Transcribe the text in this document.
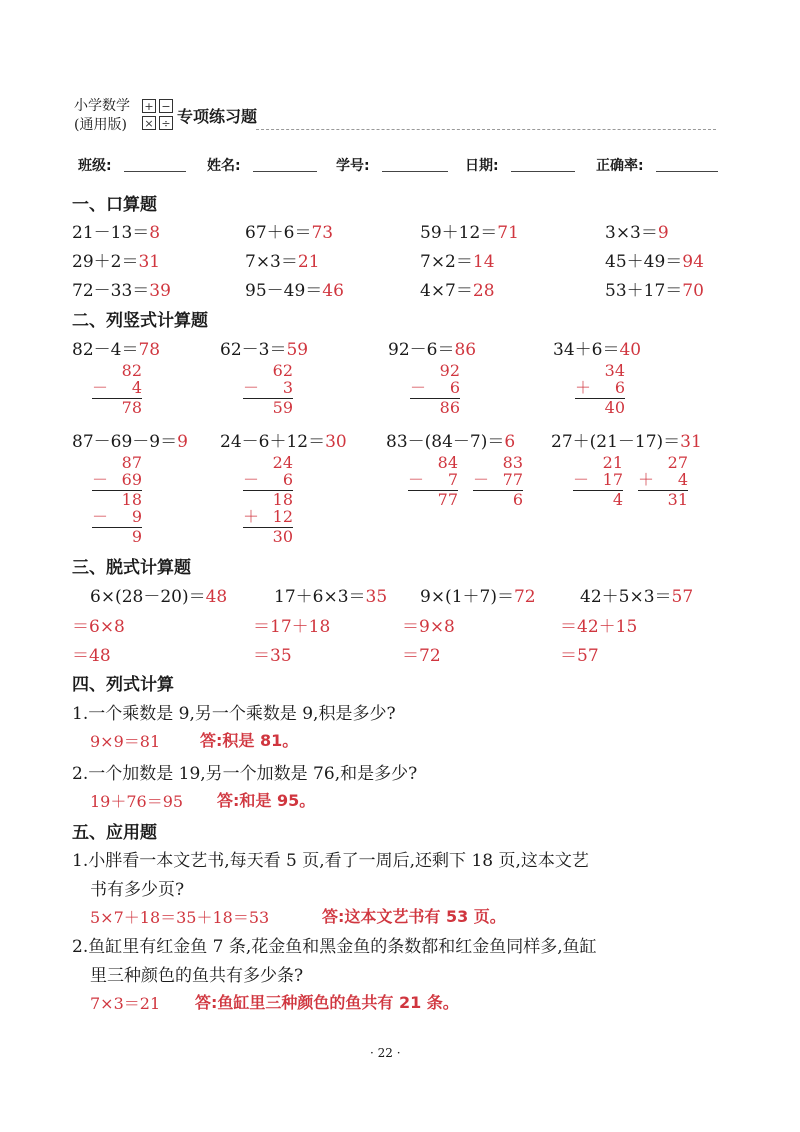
小学数学
(通用版)
+ −
× ÷ 专项练习题
班级:	姓名:	学号:	日期:	正确率:
一、口算题
21－13＝8	67＋6＝73	59＋12＝71	3×3＝9
29＋2＝31	7×3＝21	7×2＝14	45＋49＝94
72－33＝39	95－49＝46	4×7＝28	53＋17＝70
二、列竖式计算题
82－4＝78	62－3＝59	92－6＝86	34＋6＝40
82
－ 4
78
62
－ 3
59
92
－ 6
86
34
＋ 6
40
87－69－9＝9 24－6＋12＝30 83－(84－7)＝6 27＋(21－17)＝31
87
－ 69
18
－ 9
9
24
－ 6
18
＋ 12
30
84
－ 7
77
83
－ 77
6
21
－ 17
4
27
＋ 4
31
三、脱式计算题
6×(28－20)＝48	17＋6×3＝35 9×(1＋7)＝72	42＋5×3＝57
＝6×8	＝17＋18	＝9×8	＝42＋15
＝48	＝35	＝72	＝57
四、列式计算
1.一个乘数是 9,另一个乘数是 9,积是多少?
9×9＝81 答:积是 81。
2.一个加数是 19,另一个加数是 76,和是多少?
19＋76＝95 答:和是 95。
五、应用题
1.小胖看一本文艺书,每天看 5 页,看了一周后,还剩下 18 页,这本文艺
书有多少页?
5×7＋18＝35＋18＝53	答:这本文艺书有 53 页。
2.鱼缸里有红金鱼 7 条,花金鱼和黑金鱼的条数都和红金鱼同样多,鱼缸
里三种颜色的鱼共有多少条?
7×3＝21 答:鱼缸里三种颜色的鱼共有 21 条。
· 22 ·
